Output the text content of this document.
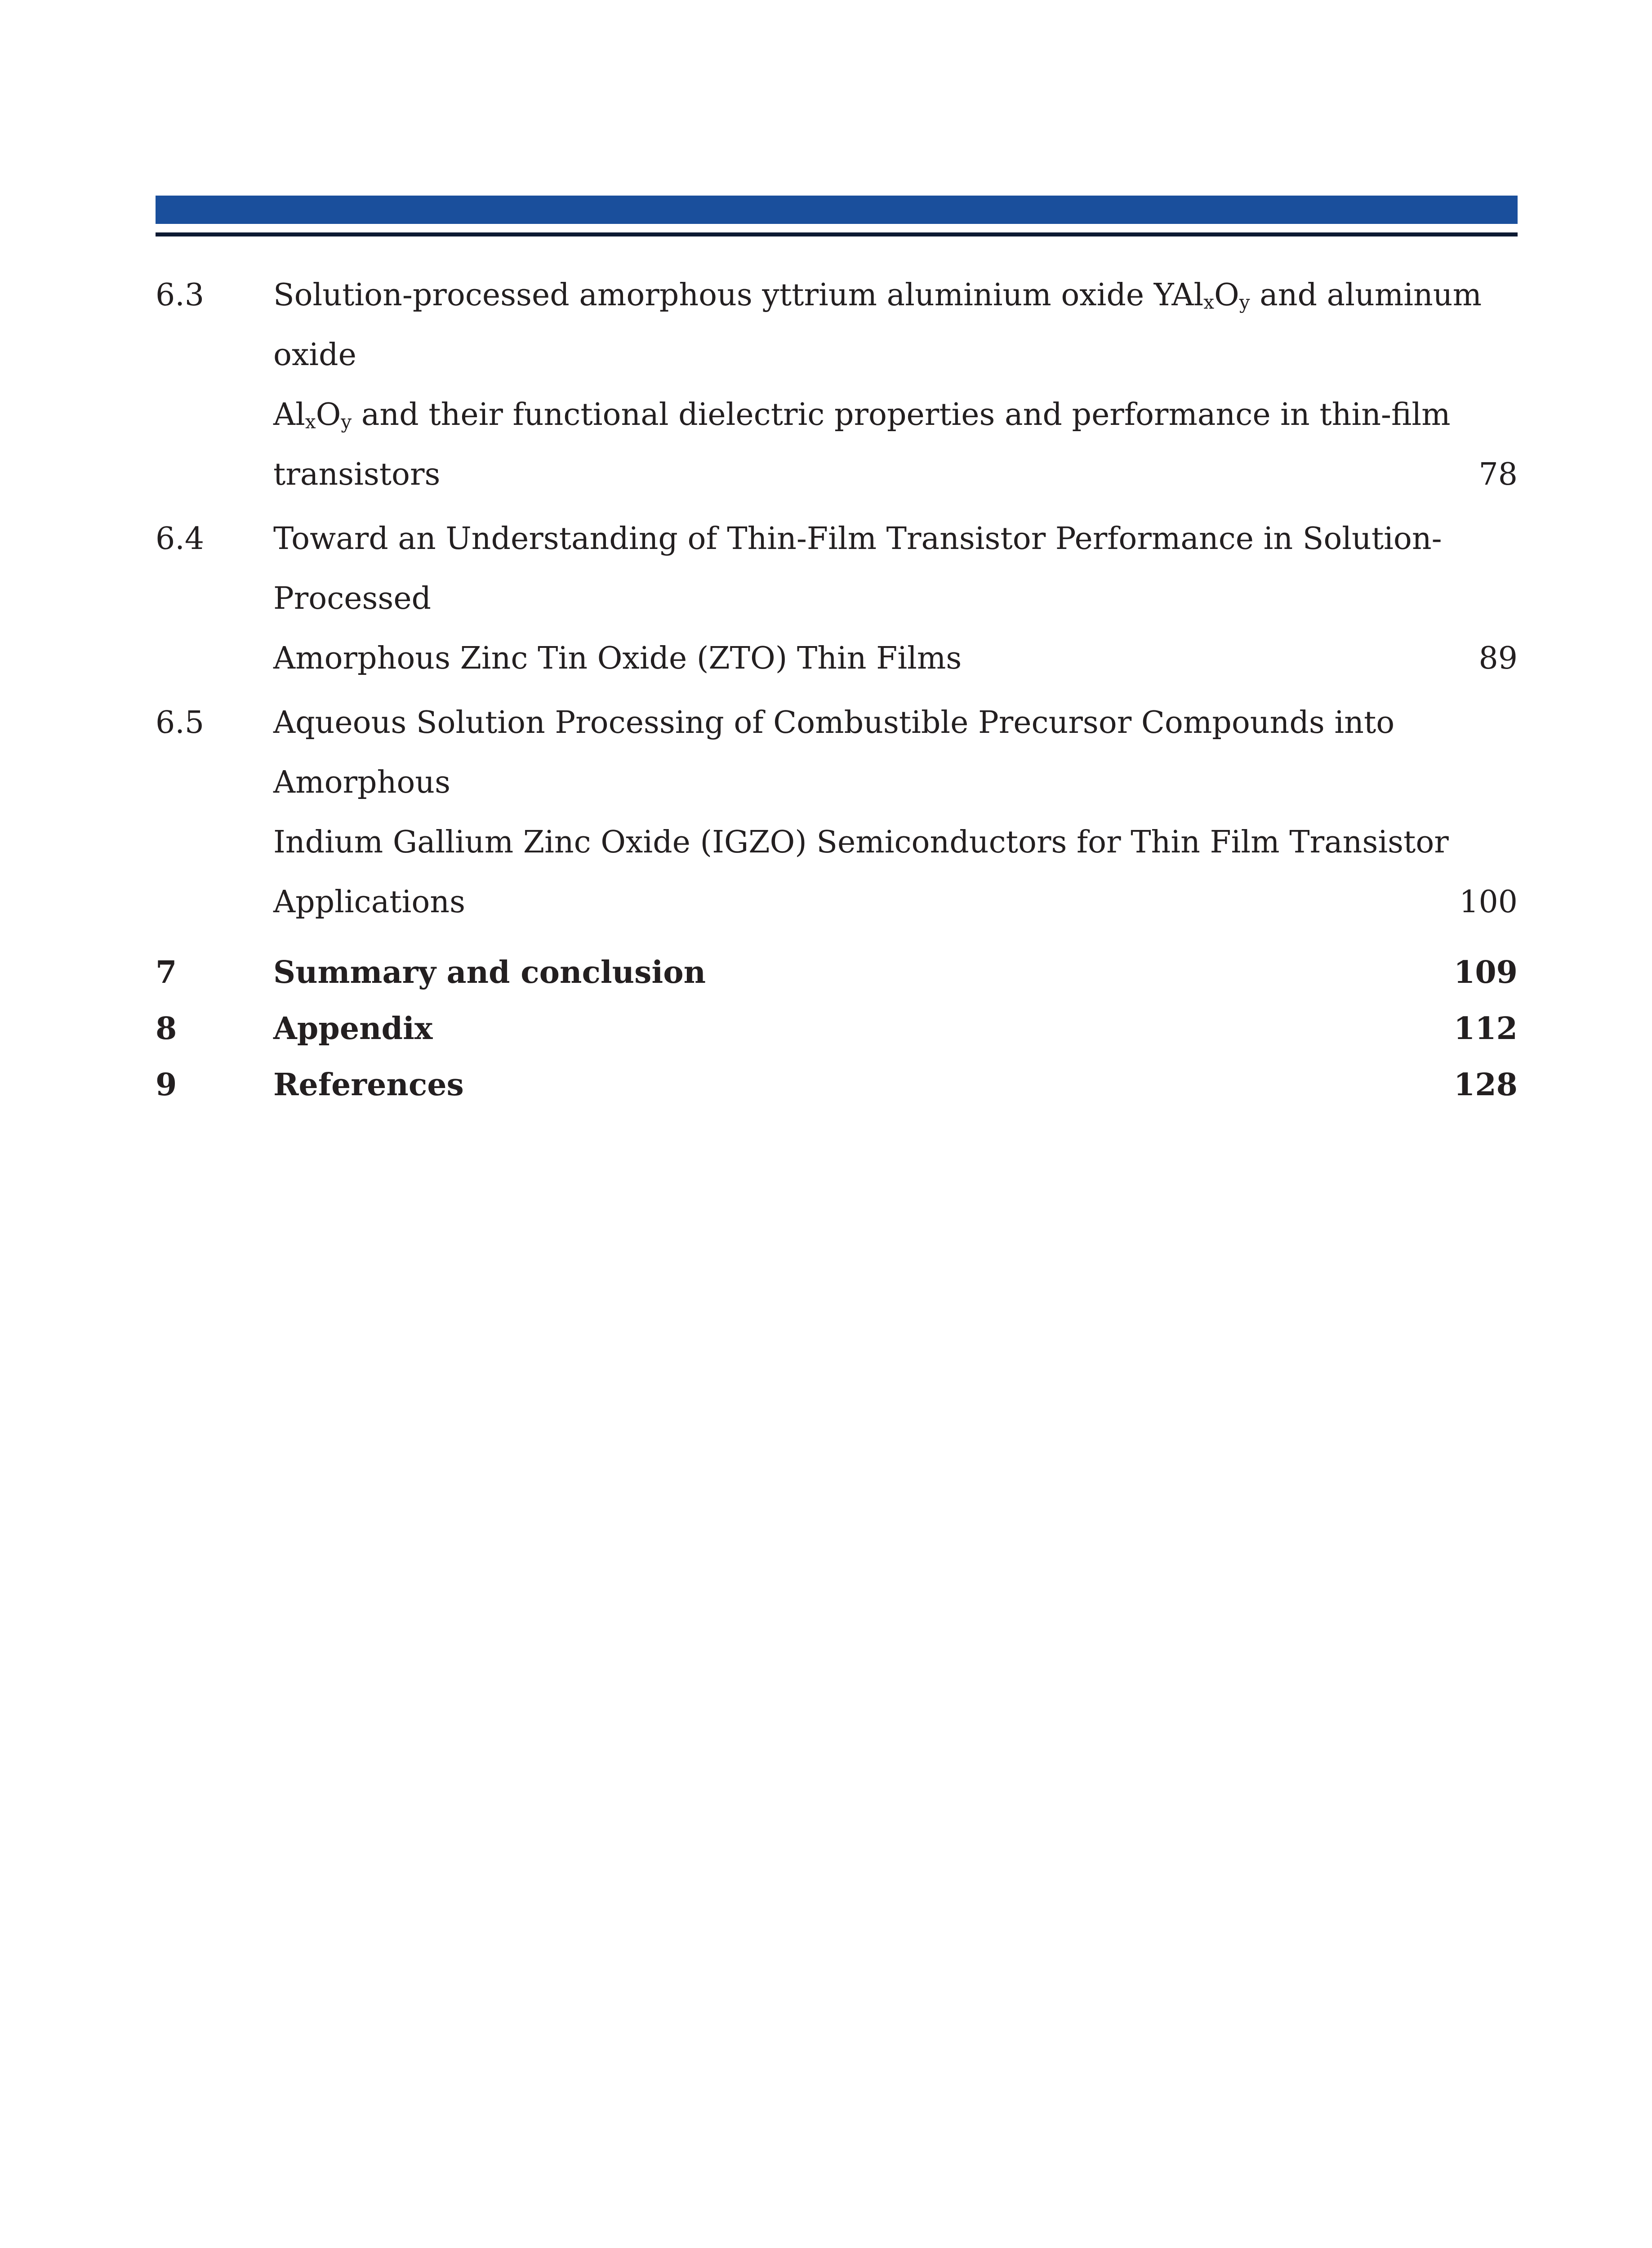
6.3 Solution-processed amorphous yttrium aluminium oxide $YAl_xO_y$ and aluminum oxide
$Al_xO_y$ and their functional dielectric properties and performance in thin-film
transistors	78
6.4 Toward an Understanding of Thin-Film Transistor Performance in Solution-Processed
Amorphous Zinc Tin Oxide (ZTO) Thin Films	89
6.5 Aqueous Solution Processing of Combustible Precursor Compounds into Amorphous
Indium Gallium Zinc Oxide (IGZO) Semiconductors for Thin Film Transistor
Applications	100
7	Summary and conclusion	109
8	Appendix	112
9	References	128
